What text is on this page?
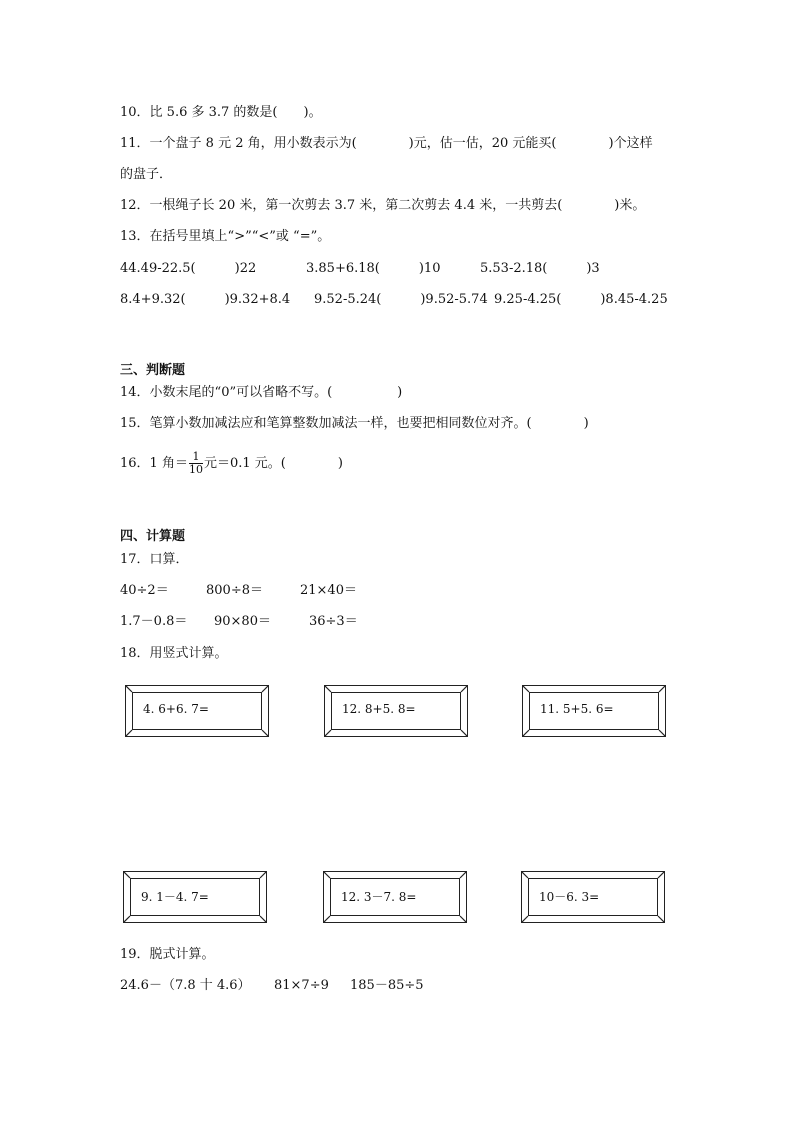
10．比 5.6 多 3.7 的数是(　　)。
11．一个盘子 8 元 2 角，用小数表示为(　　　　)元，估一估，20 元能买(　　　　)个这样
的盘子．
12．一根绳子长 20 米，第一次剪去 3.7 米，第二次剪去 4.4 米，一共剪去(　　　　)米。
13．在括号里填上“>”“<”或 “=”。
44.49-22.5(　　　)22	3.85+6.18(　　　)10	5.53-2.18(　　　)3
8.4+9.32(　　　)9.32+8.4 9.52-5.24(　　　)9.52-5.74 9.25-4.25(　　　)8.45-4.25
三、判断题
14．小数末尾的“0”可以省略不写。(　　　　　)
15．笔算小数加减法应和笔算整数加减法一样，也要把相同数位对齐。(　　　　)
16．1 角＝ $\frac{1}{10}$ 元＝0.1 元。(　　　　)
四、计算题
17．口算．
40÷2＝	800÷8＝	21×40＝
1.7－0.8＝ 90×80＝	36÷3＝
18．用竖式计算。
4. 6+6. 7=	12. 8+5. 8=	11. 5+5. 6=
9. 1－4. 7=	12. 3－7. 8=	10－6. 3=
19．脱式计算。
24.6－（7.8 十 4.6） 81×7÷9 185－85÷5
